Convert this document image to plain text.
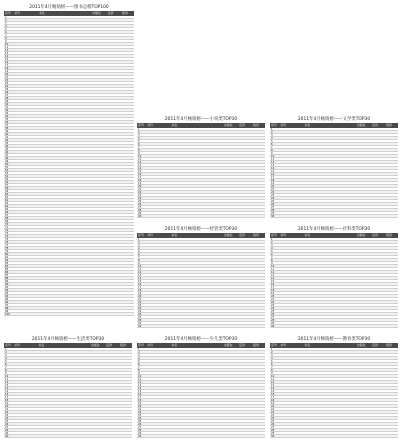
2011年4月畅销榜——图书总榜TOP100
序号	书号	书名	出版社	定价	售价
1
2
3
4
5
6
7
8
9
10
11
12
13
14
15
16
17
18
19
20
21
22
23
24
25
26
27
28
29
30
31
32
33
34
35
36
37
38
39
40
41
42
43
44
45
46
47
48
49
50
51
52
53
54
55
56
57
58
59
60
61
62
63
64
65
66
67
68
69
70
71
72
73
74
75
76
77
78
79
80
81
82
83
84
85
86
87
88
89
90
91
92
93
94
95
96
97
98
99
100
2011年4月畅销榜——小说类TOP30
序号 书号	书名	出版社	定价	售价
1
2
3
4
5
6
7
8
9
10
11
12
13
14
15
16
17
18
19
20
21
22
23
24
25
26
27
28
29
30
2011年4月畅销榜——文学类TOP30
序号 书号	书名	出版社	定价	售价
1
2
3
4
5
6
7
8
9
10
11
12
13
14
15
16
17
18
19
20
21
22
23
24
25
26
27
28
29
30
2011年4月畅销榜——经管类TOP30
序号 书号	书名	出版社	定价	售价
1
2
3
4
5
6
7
8
9
10
11
12
13
14
15
16
17
18
19
20
21
22
23
24
25
26
27
28
29
30
2011年4月畅销榜——社科类TOP30
序号 书号	书名	出版社	定价	售价
1
2
3
4
5
6
7
8
9
10
11
12
13
14
15
16
17
18
19
20
21
22
23
24
25
26
27
28
29
30
2011年4月畅销榜——生活类TOP30
序号 书号	书名	出版社	定价	售价
1
2
3
4
5
6
7
8
9
10
11
12
13
14
15
16
17
18
19
20
21
22
23
24
25
26
27
28
29
30
2011年4月畅销榜——少儿类TOP30
序号 书号	书名	出版社	定价	售价
1
2
3
4
5
6
7
8
9
10
11
12
13
14
15
16
17
18
19
20
21
22
23
24
25
26
27
28
29
30
2011年4月畅销榜——教育类TOP30
序号 书号	书名	出版社	定价	售价
1
2
3
4
5
6
7
8
9
10
11
12
13
14
15
16
17
18
19
20
21
22
23
24
25
26
27
28
29
30
